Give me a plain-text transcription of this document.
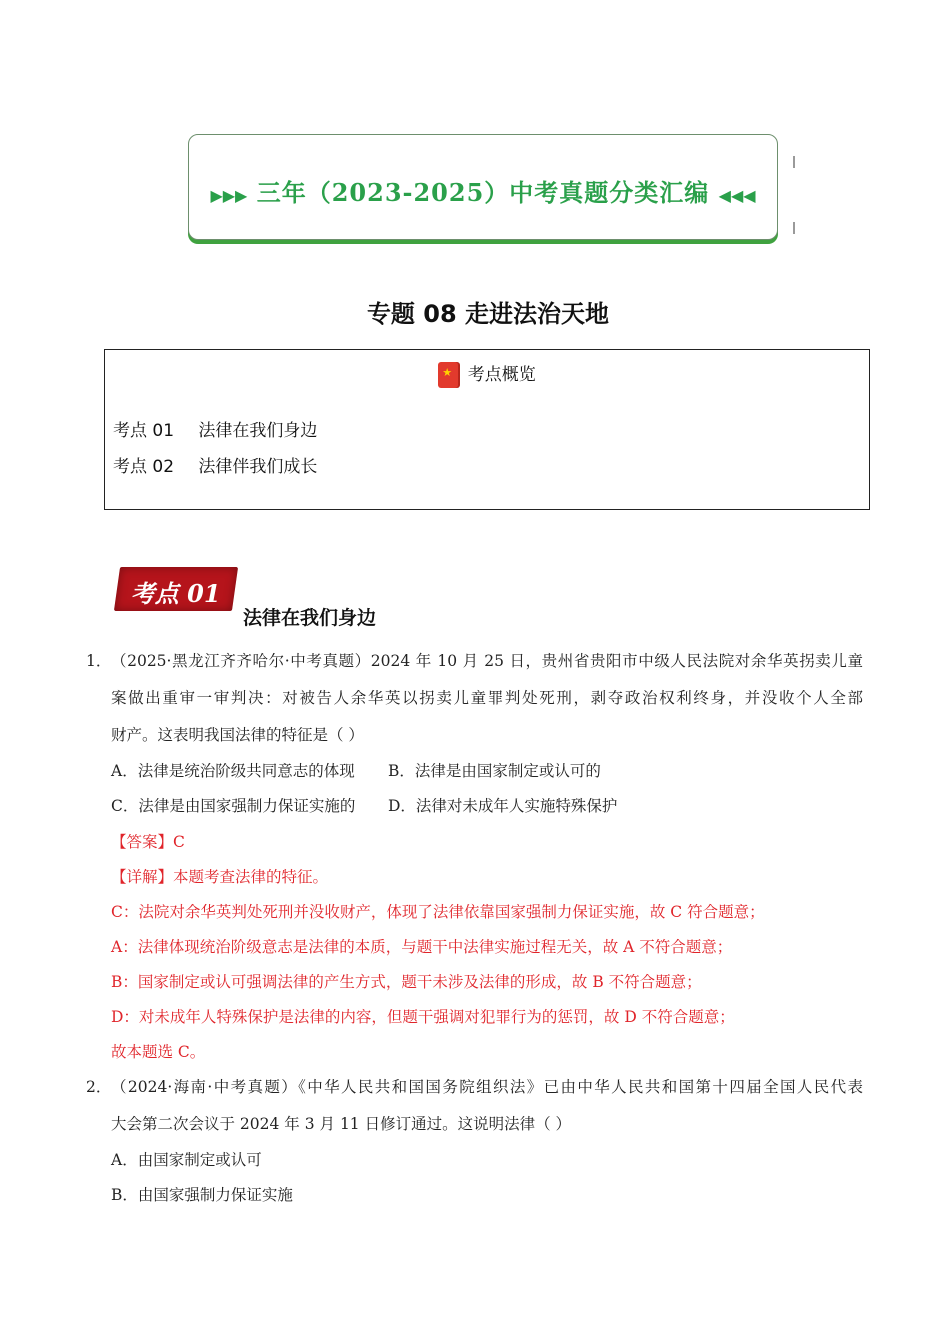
▶▶▶ 三年（2023-2025）中考真题分类汇编 ◀◀◀
专题 08 走进法治天地
★ 考点概览
考点 01 法律在我们身边
考点 02 法律伴我们成长
考点 01
法律在我们身边
1． （2025·黑龙江齐齐哈尔·中考真题）2024 年 10 月 25 日，贵州省贵阳市中级人民法院对余华英拐卖儿童
案做出重审一审判决：对被告人余华英以拐卖儿童罪判处死刑，剥夺政治权利终身，并没收个人全部
财产。这表明我国法律的特征是（ ）
A．法律是统治阶级共同意志的体现 B．法律是由国家制定或认可的
C．法律是由国家强制力保证实施的 D．法律对未成年人实施特殊保护
【答案】C
【详解】本题考查法律的特征。
C：法院对余华英判处死刑并没收财产，体现了法律依靠国家强制力保证实施，故 C 符合题意；
A：法律体现统治阶级意志是法律的本质，与题干中法律实施过程无关，故 A 不符合题意；
B：国家制定或认可强调法律的产生方式，题干未涉及法律的形成，故 B 不符合题意；
D：对未成年人特殊保护是法律的内容，但题干强调对犯罪行为的惩罚，故 D 不符合题意；
故本题选 C。
2． （2024·海南·中考真题）《中华人民共和国国务院组织法》已由中华人民共和国第十四届全国人民代表
大会第二次会议于 2024 年 3 月 11 日修订通过。这说明法律（ ）
A．由国家制定或认可
B．由国家强制力保证实施
